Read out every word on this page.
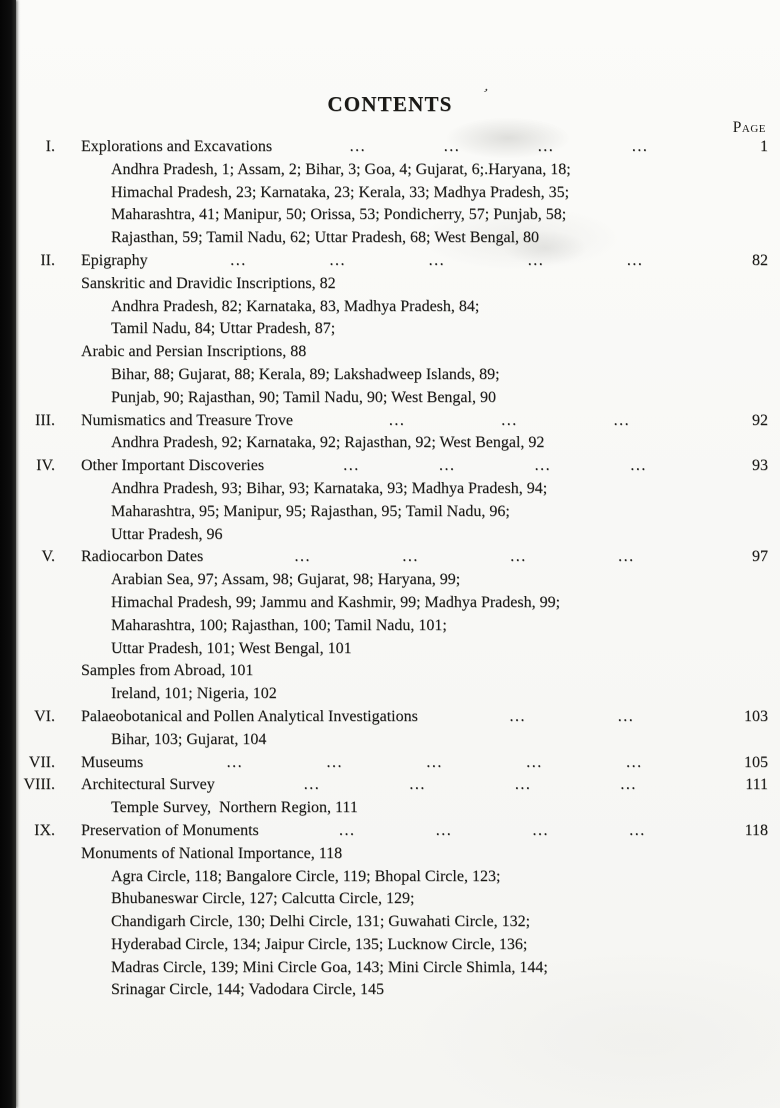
CONTENTS	’
Page
I. Explorations and Excavations	...	...	...	...	1
Andhra Pradesh, 1; Assam, 2; Bihar, 3; Goa, 4; Gujarat, 6;.Haryana, 18;
Himachal Pradesh, 23; Karnataka, 23; Kerala, 33; Madhya Pradesh, 35;
Maharashtra, 41; Manipur, 50; Orissa, 53; Pondicherry, 57; Punjab, 58;
Rajasthan, 59; Tamil Nadu, 62; Uttar Pradesh, 68; West Bengal, 80
II. Epigraphy	...	...	...	...	...	82
Sanskritic and Dravidic Inscriptions, 82
Andhra Pradesh, 82; Karnataka, 83, Madhya Pradesh, 84;
Tamil Nadu, 84; Uttar Pradesh, 87;
Arabic and Persian Inscriptions, 88
Bihar, 88; Gujarat, 88; Kerala, 89; Lakshadweep Islands, 89;
Punjab, 90; Rajasthan, 90; Tamil Nadu, 90; West Bengal, 90
III. Numismatics and Treasure Trove	...	...	...	92
Andhra Pradesh, 92; Karnataka, 92; Rajasthan, 92; West Bengal, 92
IV. Other Important Discoveries	...	...	...	...	93
Andhra Pradesh, 93; Bihar, 93; Karnataka, 93; Madhya Pradesh, 94;
Maharashtra, 95; Manipur, 95; Rajasthan, 95; Tamil Nadu, 96;
Uttar Pradesh, 96
V. Radiocarbon Dates	...	...	...	...	97
Arabian Sea, 97; Assam, 98; Gujarat, 98; Haryana, 99;
Himachal Pradesh, 99; Jammu and Kashmir, 99; Madhya Pradesh, 99;
Maharashtra, 100; Rajasthan, 100; Tamil Nadu, 101;
Uttar Pradesh, 101; West Bengal, 101
Samples from Abroad, 101
Ireland, 101; Nigeria, 102
VI. Palaeobotanical and Pollen Analytical Investigations	...	...	103
Bihar, 103; Gujarat, 104
VII. Museums	...	...	...	...	...	105
VIII. Architectural Survey	...	...	...	...	111
Temple Survey,  Northern Region, 111
IX. Preservation of Monuments	...	...	...	...	118
Monuments of National Importance, 118
Agra Circle, 118; Bangalore Circle, 119; Bhopal Circle, 123;
Bhubaneswar Circle, 127; Calcutta Circle, 129;
Chandigarh Circle, 130; Delhi Circle, 131; Guwahati Circle, 132;
Hyderabad Circle, 134; Jaipur Circle, 135; Lucknow Circle, 136;
Madras Circle, 139; Mini Circle Goa, 143; Mini Circle Shimla, 144;
Srinagar Circle, 144; Vadodara Circle, 145
